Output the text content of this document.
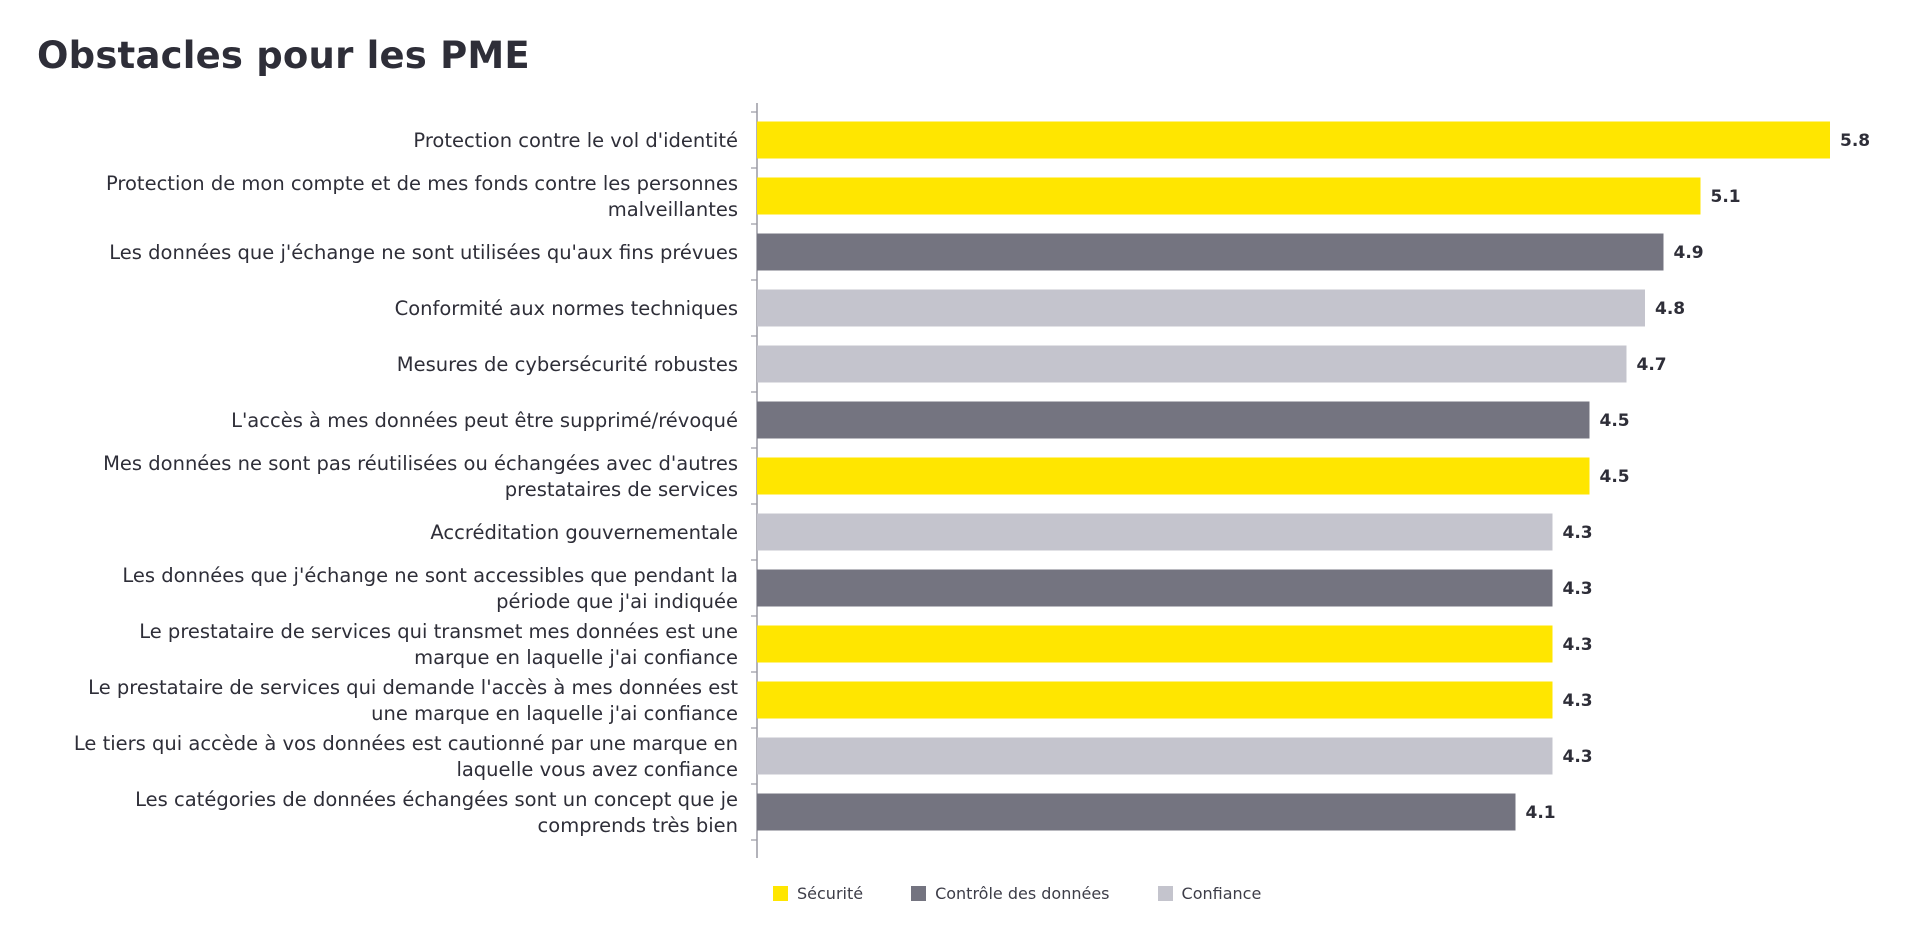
Obstacles pour les PME
5.8
Protection contre le vol d'identité
5.1
Protection de mon compte et de mes fonds contre les personnes malveillantes
4.9
Les données que j'échange ne sont utilisées qu'aux fins prévues
4.8
Conformité aux normes techniques
4.7
Mesures de cybersécurité robustes
4.5
L'accès à mes données peut être supprimé/révoqué
4.5
Mes données ne sont pas réutilisées ou échangées avec d'autres prestataires de services
4.3
Accréditation gouvernementale
4.3
Les données que j'échange ne sont accessibles que pendant la période que j'ai indiquée
4.3
Le prestataire de services qui transmet mes données est une marque en laquelle j'ai confiance
4.3
Le prestataire de services qui demande l'accès à mes données est une marque en laquelle j'ai confiance
4.3
Le tiers qui accède à vos données est cautionné par une marque en laquelle vous avez confiance
4.1
Les catégories de données échangées sont un concept que je comprends très bien
Sécurité	Contrôle des données	Confiance
